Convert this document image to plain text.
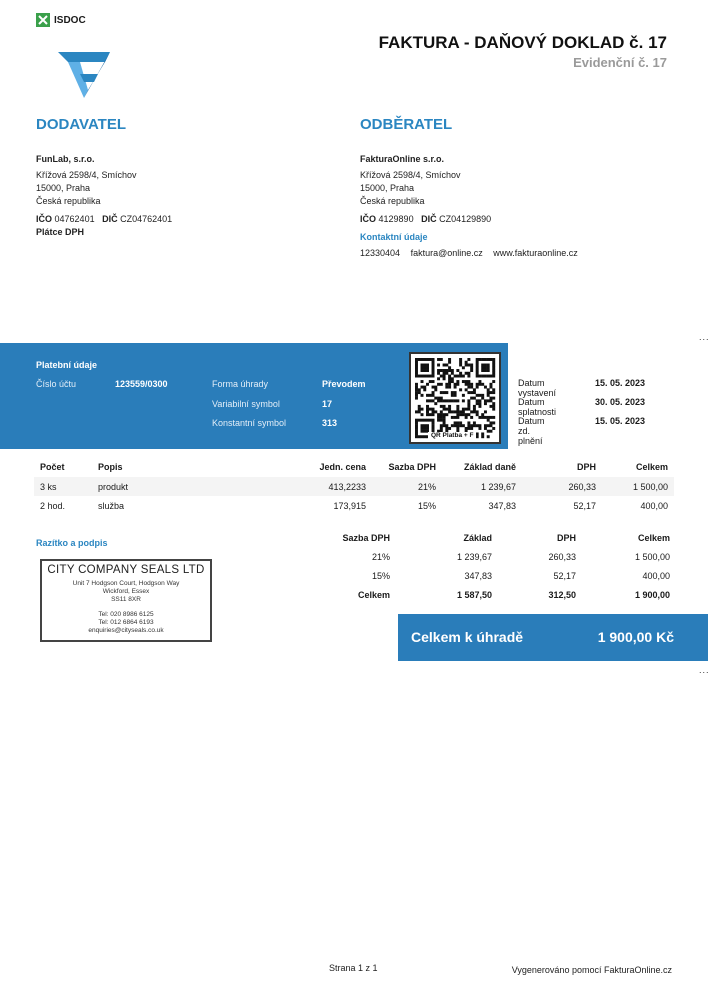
ISDOC
FAKTURA - DAŇOVÝ DOKLAD č. 17
Evidenční č. 17
DODAVATEL
FunLab, s.r.o.
Křížová 2598/4, Smíchov
15000, Praha
Česká republika
IČO 04762401 DIČ CZ04762401
Plátce DPH
ODBĚRATEL
FakturaOnline s.r.o.
Křížová 2598/4, Smíchov
15000, Praha
Česká republika
IČO 4129890 DIČ CZ04129890
Kontaktní údaje
12330404 faktura@online.cz www.fakturaonline.cz
...
Platební údaje
Číslo účtu	123559/0300	Forma úhrady	Převodem
Variabilní symbol	17
Konstantní symbol	313
QR Platba + F
Datum vystavení
15. 05. 2023
Datum splatnosti
30. 05. 2023
Datum zd. plnění
15. 05. 2023
Počet	Popis	Jedn. cena	Sazba DPH	Základ daně	DPH	Celkem
3 ks	produkt	413,2233	21%	1 239,67	260,33	1 500,00
2 hod.	služba	173,915	15%	347,83	52,17	400,00
Razítko a podpis
CITY COMPANY SEALS LTD
Unit 7 Hodgson Court, Hodgson Way
Wickford, Essex
SS11 8XR
Tel: 020 8986 6125
Tel: 012 6864 6193
enquiries@cityseals.co.uk
Sazba DPH	Základ	DPH	Celkem
21%	1 239,67	260,33	1 500,00
15%	347,83	52,17	400,00
Celkem	1 587,50	312,50	1 900,00
Celkem k úhradě	1 900,00 Kč
...
Strana 1 z 1	Vygenerováno pomocí FakturaOnline.cz
